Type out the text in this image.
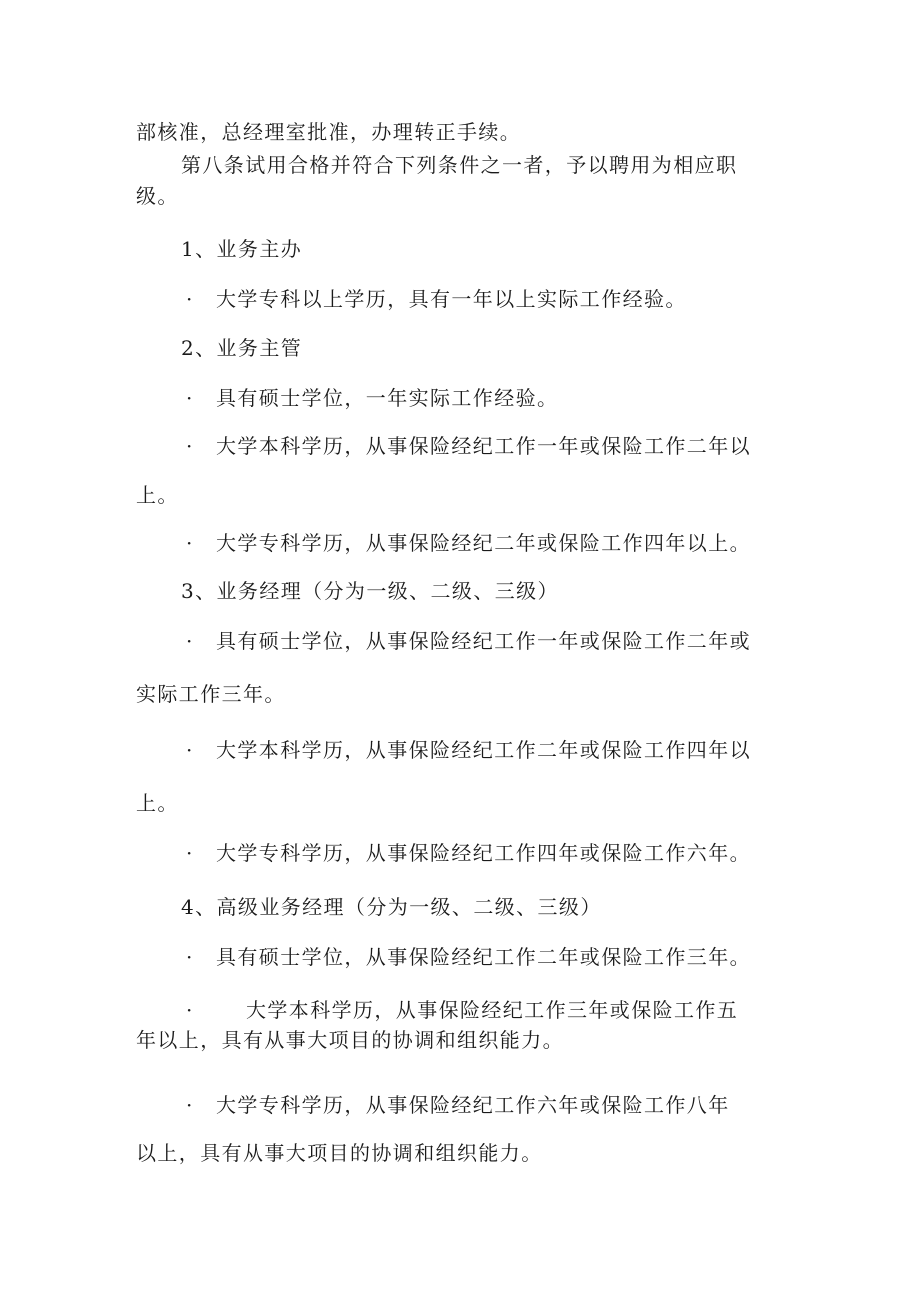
部核准，总经理室批准，办理转正手续。
第八条试用合格并符合下列条件之一者，予以聘用为相应职
级。
1、业务主办
· 大学专科以上学历，具有一年以上实际工作经验。
2、业务主管
· 具有硕士学位，一年实际工作经验。
· 大学本科学历，从事保险经纪工作一年或保险工作二年以
上。
· 大学专科学历，从事保险经纪二年或保险工作四年以上。
3、业务经理（分为一级、二级、三级）
· 具有硕士学位，从事保险经纪工作一年或保险工作二年或
实际工作三年。
· 大学本科学历，从事保险经纪工作二年或保险工作四年以
上。
· 大学专科学历，从事保险经纪工作四年或保险工作六年。
4、高级业务经理（分为一级、二级、三级）
· 具有硕士学位，从事保险经纪工作二年或保险工作三年。
·	大学本科学历，从事保险经纪工作三年或保险工作五
年以上，具有从事大项目的协调和组织能力。
· 大学专科学历，从事保险经纪工作六年或保险工作八年
以上，具有从事大项目的协调和组织能力。
